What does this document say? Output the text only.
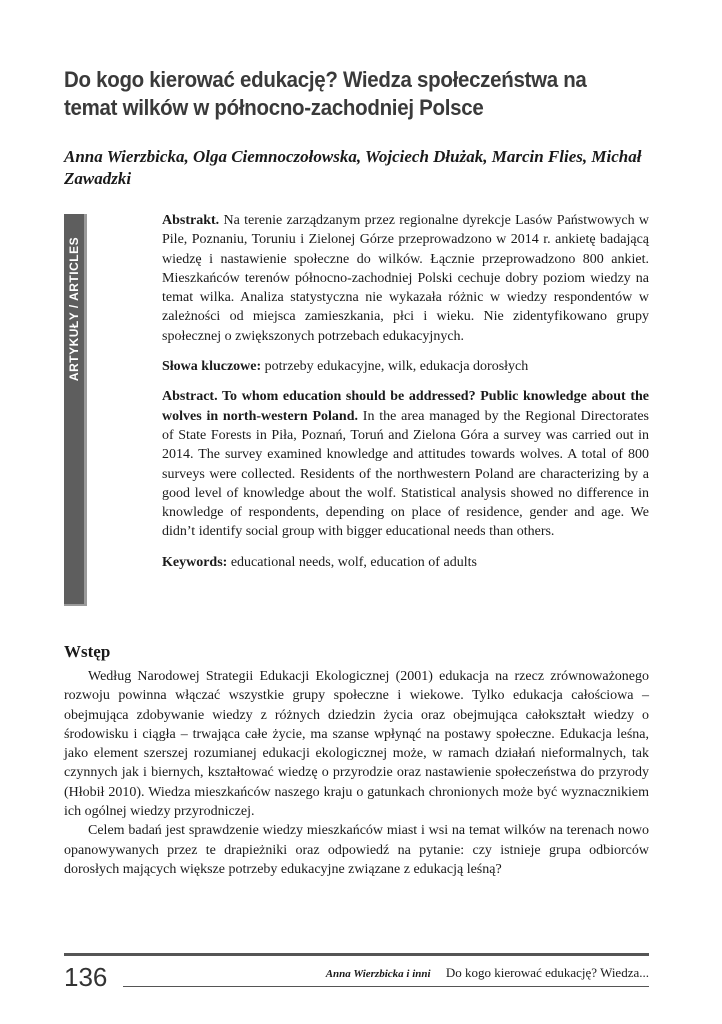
Do kogo kierować edukację? Wiedza społeczeństwa na temat wilków w północno-zachodniej Polsce
Anna Wierzbicka, Olga Ciemnoczołowska, Wojciech Dłużak, Marcin Flies, Michał Zawadzki
ARTYKUŁY / ARTICLES

Abstrakt. Na terenie zarządzanym przez regionalne dyrekcje Lasów Państwowych w Pile, Poznaniu, Toruniu i Zielonej Górze przeprowadzono w 2014 r. ankietę badającą wiedzę i nastawienie społeczne do wilków. Łącznie przeprowadzono 800 ankiet. Mieszkańców terenów północno-zachodniej Polski cechuje dobry poziom wiedzy na temat wilka. Analiza statystyczna nie wykazała różnic w wiedzy respondentów w zależności od miejsca zamieszkania, płci i wieku. Nie zidentyfikowano grupy społecznej o zwiększonych potrzebach edukacyjnych.

Słowa kluczowe: potrzeby edukacyjne, wilk, edukacja dorosłych

Abstract. To whom education should be addressed? Public knowledge about the wolves in north-western Poland. In the area managed by the Regional Directorates of State Forests in Piła, Poznań, Toruń and Zielona Góra a survey was carried out in 2014. The survey examined knowledge and attitudes towards wolves. A total of 800 surveys were collected. Residents of the northwestern Poland are characterizing by a good level of knowledge about the wolf. Statistical analysis showed no difference in knowledge of respondents, depending on place of residence, gender and age. We didn’t identify social group with bigger educational needs than others.

Keywords: educational needs, wolf, education of adults

Wstęp

Według Narodowej Strategii Edukacji Ekologicznej (2001) edukacja na rzecz zrównoważonego rozwoju powinna włączać wszystkie grupy społeczne i wiekowe. Tylko edukacja całościowa – obejmująca zdobywanie wiedzy z różnych dziedzin życia oraz obejmująca całokształt wiedzy o środowisku i ciągła – trwająca całe życie, ma szanse wpłynąć na postawy społeczne. Edukacja leśna, jako element szerszej rozumianej edukacji ekologicznej może, w ramach działań nieformalnych, tak czynnych jak i biernych, kształtować wiedzę o przyrodzie oraz nastawienie społeczeństwa do przyrody (Hłobił 2010). Wiedza mieszkańców naszego kraju o gatunkach chronionych może być wyznacznikiem ich ogólnej wiedzy przyrodniczej.

Celem badań jest sprawdzenie wiedzy mieszkańców miast i wsi na temat wilków na terenach nowo opanowywanych przez te drapieżniki oraz odpowiedź na pytanie: czy istnieje grupa odbiorców dorosłych mających większe potrzeby edukacyjne związane z edukacją leśną?

136	Anna Wierzbicka i inni Do kogo kierować edukację? Wiedza...
